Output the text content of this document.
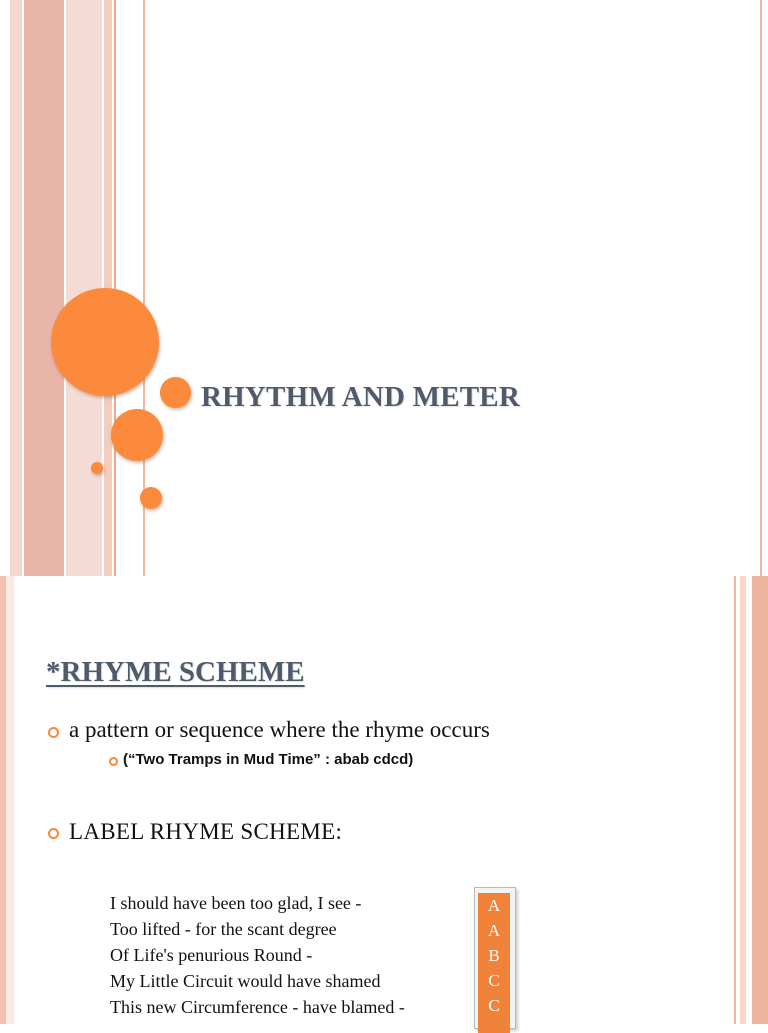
RHYTHM AND METER
*RHYME SCHEME
a pattern or sequence where the rhyme occurs
(“Two Tramps in Mud Time” : abab cdcd)
LABEL RHYME SCHEME:
I should have been too glad, I see -
Too lifted - for the scant degree
Of Life's penurious Round -
My Little Circuit would have shamed
This new Circumference - have blamed -
A
A
B
C
C
